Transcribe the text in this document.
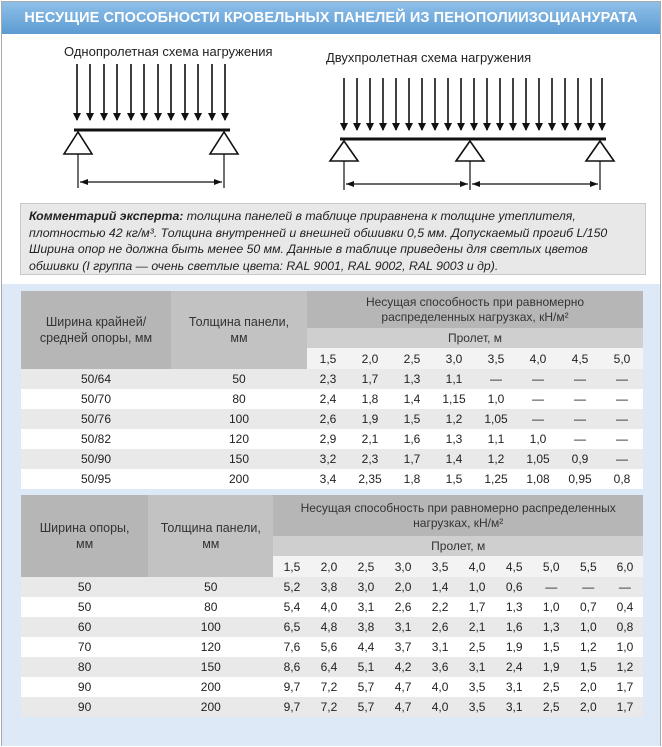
НЕСУЩИЕ СПОСОБНОСТИ КРОВЕЛЬНЫХ ПАНЕЛЕЙ ИЗ ПЕНОПОЛИИЗОЦИАНУРАТА
Однопролетная схема нагружения	Двухпролетная схема нагружения
Комментарий эксперта: толщина панелей в таблице приравнена к толщине утеплителя, плотностью 42 кг/м³. Толщина внутренней и внешней обшивки 0,5 мм. Допускаемый прогиб L/150 Ширина опор не должна быть менее 50 мм. Данные в таблице приведены для светлых цветов обшивки (I группа — очень светлые цвета: RAL 9001, RAL 9002, RAL 9003 и др).
Ширина крайней/средней опоры, мм	Толщина панели, мм	Несущая способность при равномерно распределенных нагрузках, кН/м²							
		Пролет, м							
		1,5	2,0	2,5	3,0	3,5	4,0	4,5	5,0
50/64	50	2,3	1,7	1,3	1,1	—	—	—	—
50/70	80	2,4	1,8	1,4	1,15	1,0	—	—	—
50/76	100	2,6	1,9	1,5	1,2	1,05	—	—	—
50/82	120	2,9	2,1	1,6	1,3	1,1	1,0	—	—
50/90	150	3,2	2,3	1,7	1,4	1,2	1,05	0,9	—
50/95	200	3,4	2,35	1,8	1,5	1,25	1,08	0,95	0,8
Ширина опоры, мм	Толщина панели, мм	Несущая способность при равномерно распределенных нагрузках, кН/м²									
		Пролет, м									
		1,5	2,0	2,5	3,0	3,5	4,0	4,5	5,0	5,5	6,0
50	50	5,2	3,8	3,0	2,0	1,4	1,0	0,6	—	—	—
50	80	5,4	4,0	3,1	2,6	2,2	1,7	1,3	1,0	0,7	0,4
60	100	6,5	4,8	3,8	3,1	2,6	2,1	1,6	1,3	1,0	0,8
70	120	7,6	5,6	4,4	3,7	3,1	2,5	1,9	1,5	1,2	1,0
80	150	8,6	6,4	5,1	4,2	3,6	3,1	2,4	1,9	1,5	1,2
90	200	9,7	7,2	5,7	4,7	4,0	3,5	3,1	2,5	2,0	1,7
90	200	9,7	7,2	5,7	4,7	4,0	3,5	3,1	2,5	2,0	1,7
